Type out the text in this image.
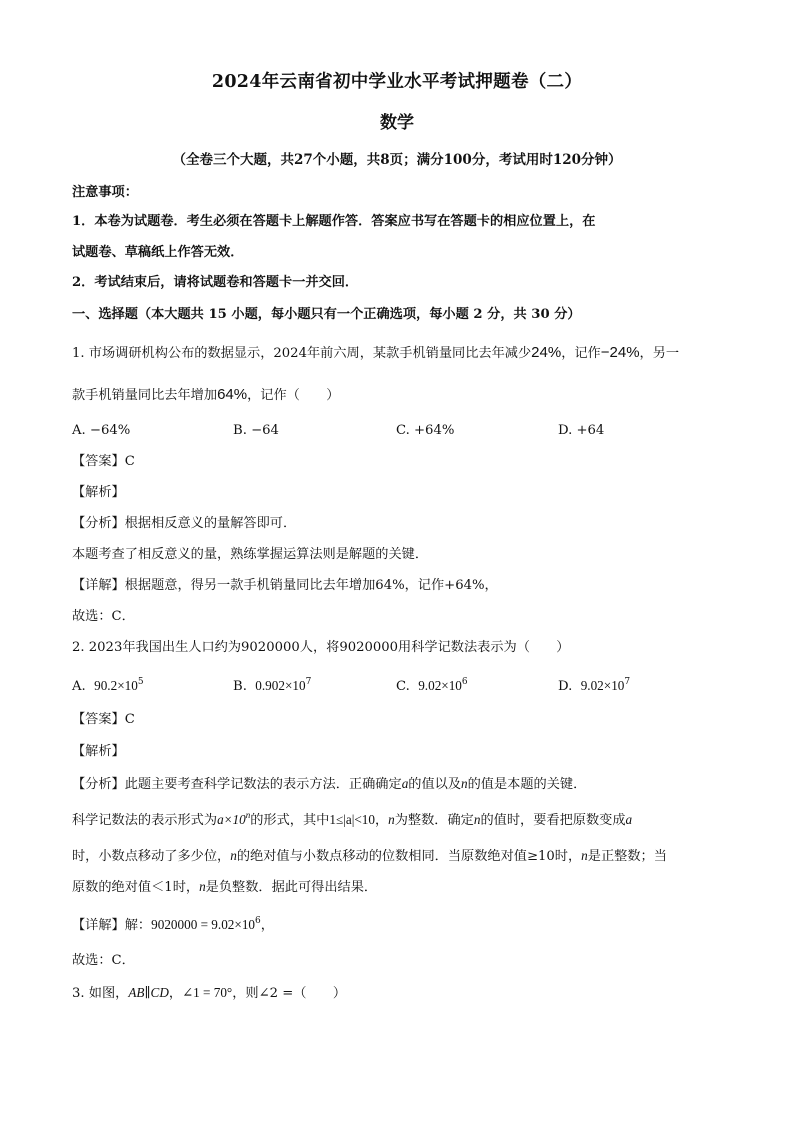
2024年云南省初中学业水平考试押题卷（二）
数学
（全卷三个大题，共27个小题，共8页；满分100分，考试用时120分钟）
注意事项：
1．本卷为试题卷．考生必须在答题卡上解题作答．答案应书写在答题卡的相应位置上，在
试题卷、草稿纸上作答无效．
2．考试结束后，请将试题卷和答题卡一并交回．
一、选择题（本大题共 15 小题，每小题只有一个正确选项，每小题 2 分，共 30 分）
1. 市场调研机构公布的数据显示，2024年前六周，某款手机销量同比去年减少24%，记作−24%，另一
款手机销量同比去年增加64%，记作（　　）
A. −64%	B. −64	C. +64%	D. +64
【答案】C
【解析】
【分析】根据相反意义的量解答即可．
本题考查了相反意义的量，熟练掌握运算法则是解题的关键．
【详解】根据题意，得另一款手机销量同比去年增加64%，记作+64%，
故选：C．
2. 2023年我国出生人口约为9020000人，将9020000用科学记数法表示为（　　）
A. $90.2\times 10^5$	B. $0.902\times 10^7$	C. $9.02\times 10^6$	D. $9.02\times 10^7$
【答案】C
【解析】
【分析】此题主要考查科学记数法的表示方法．正确确定a的值以及n的值是本题的关键．
科学记数法的表示形式为$a\times 10^n$的形式，其中1≤|a|<10，n为整数．确定n的值时，要看把原数变成a
时，小数点移动了多少位，n的绝对值与小数点移动的位数相同．当原数绝对值≥10时，n是正整数；当
原数的绝对值＜1时，n是负整数．据此可得出结果．
【详解】解：$9020000 = 9.02\times 10^6$，
故选：C．
3. 如图，AB∥CD，∠1 = 70°，则∠2 =（　　）
